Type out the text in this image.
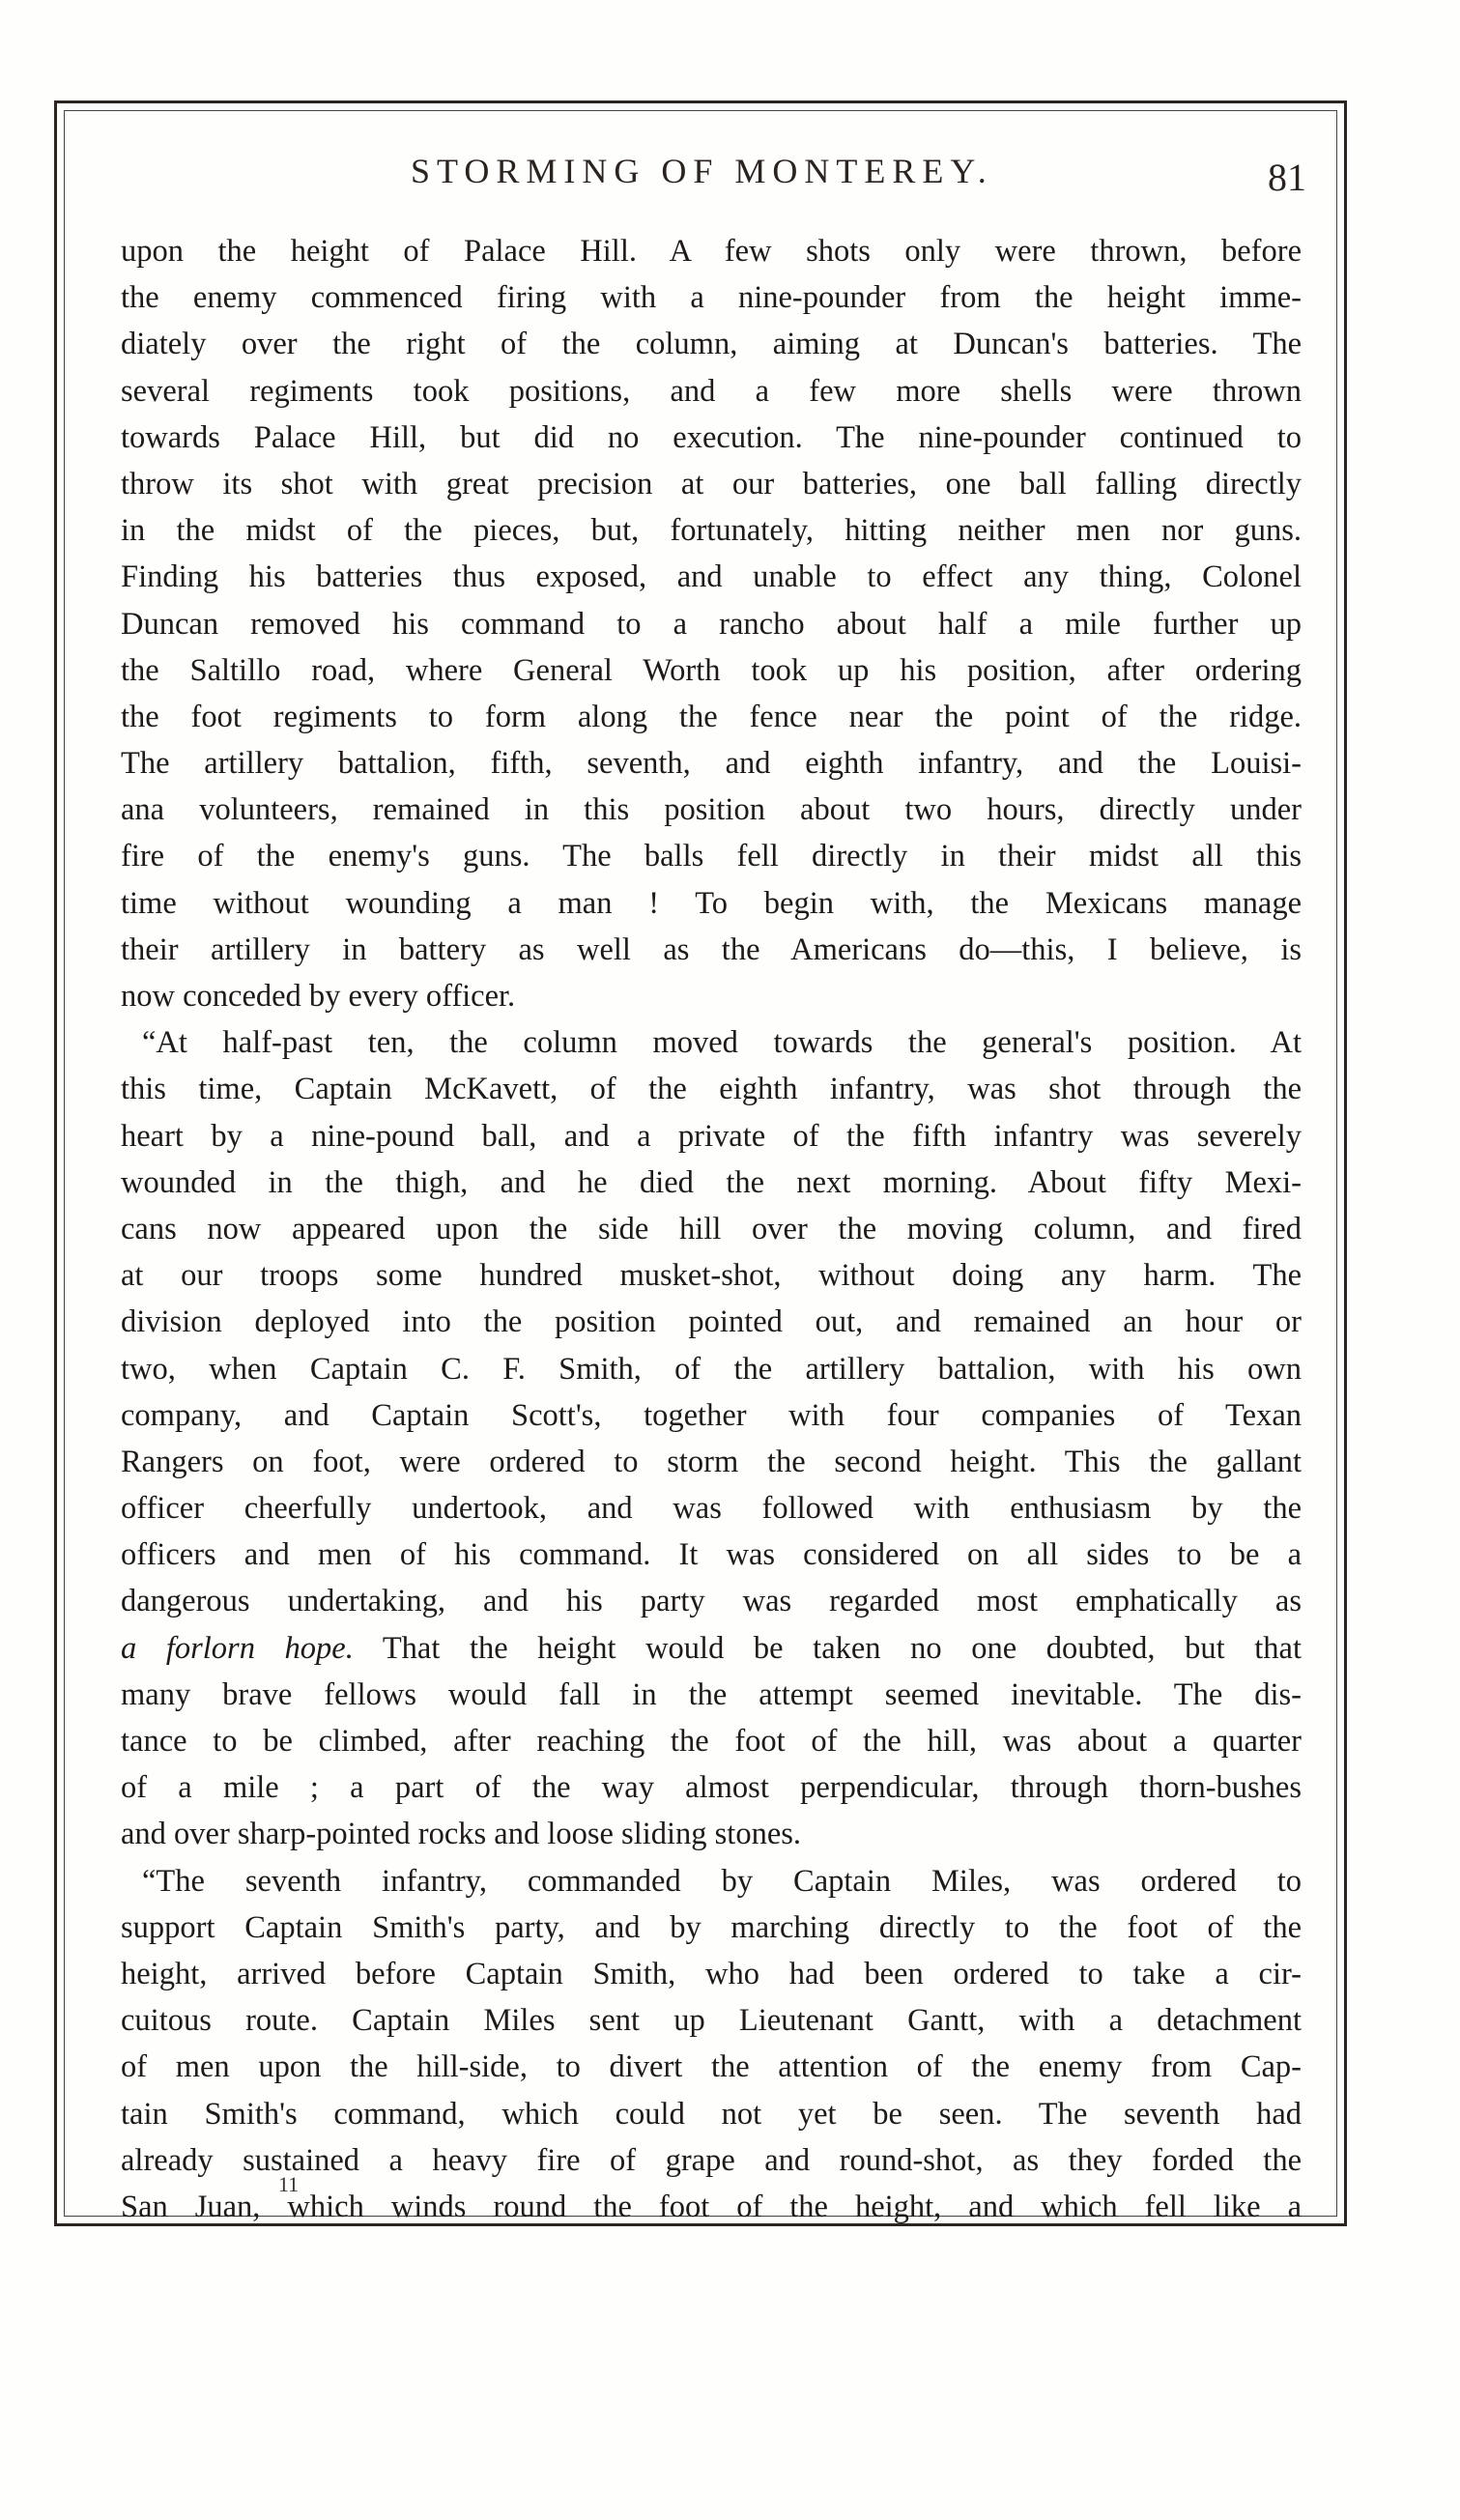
STORMING OF MONTEREY.	81
upon the height of Palace Hill. A few shots only were thrown, before
the enemy commenced firing with a nine-pounder from the height imme-
diately over the right of the column, aiming at Duncan's batteries. The
several regiments took positions, and a few more shells were thrown
towards Palace Hill, but did no execution. The nine-pounder continued to
throw its shot with great precision at our batteries, one ball falling directly
in the midst of the pieces, but, fortunately, hitting neither men nor guns.
Finding his batteries thus exposed, and unable to effect any thing, Colonel
Duncan removed his command to a rancho about half a mile further up
the Saltillo road, where General Worth took up his position, after ordering
the foot regiments to form along the fence near the point of the ridge.
The artillery battalion, fifth, seventh, and eighth infantry, and the Louisi-
ana volunteers, remained in this position about two hours, directly under
fire of the enemy's guns. The balls fell directly in their midst all this
time without wounding a man ! To begin with, the Mexicans manage
their artillery in battery as well as the Americans do—this, I believe, is
now conceded by every officer.
“At half-past ten, the column moved towards the general's position. At
this time, Captain McKavett, of the eighth infantry, was shot through the
heart by a nine-pound ball, and a private of the fifth infantry was severely
wounded in the thigh, and he died the next morning. About fifty Mexi-
cans now appeared upon the side hill over the moving column, and fired
at our troops some hundred musket-shot, without doing any harm. The
division deployed into the position pointed out, and remained an hour or
two, when Captain C. F. Smith, of the artillery battalion, with his own
company, and Captain Scott's, together with four companies of Texan
Rangers on foot, were ordered to storm the second height. This the gallant
officer cheerfully undertook, and was followed with enthusiasm by the
officers and men of his command. It was considered on all sides to be a
dangerous undertaking, and his party was regarded most emphatically as
a forlorn hope. That the height would be taken no one doubted, but that
many brave fellows would fall in the attempt seemed inevitable. The dis-
tance to be climbed, after reaching the foot of the hill, was about a quarter
of a mile ; a part of the way almost perpendicular, through thorn-bushes
and over sharp-pointed rocks and loose sliding stones.
“The seventh infantry, commanded by Captain Miles, was ordered to
support Captain Smith's party, and by marching directly to the foot of the
height, arrived before Captain Smith, who had been ordered to take a cir-
cuitous route. Captain Miles sent up Lieutenant Gantt, with a detachment
of men upon the hill-side, to divert the attention of the enemy from Cap-
tain Smith's command, which could not yet be seen. The seventh had
already sustained a heavy fire of grape and round-shot, as they forded the
San Juan, which winds round the foot of the height, and which fell like a
11
